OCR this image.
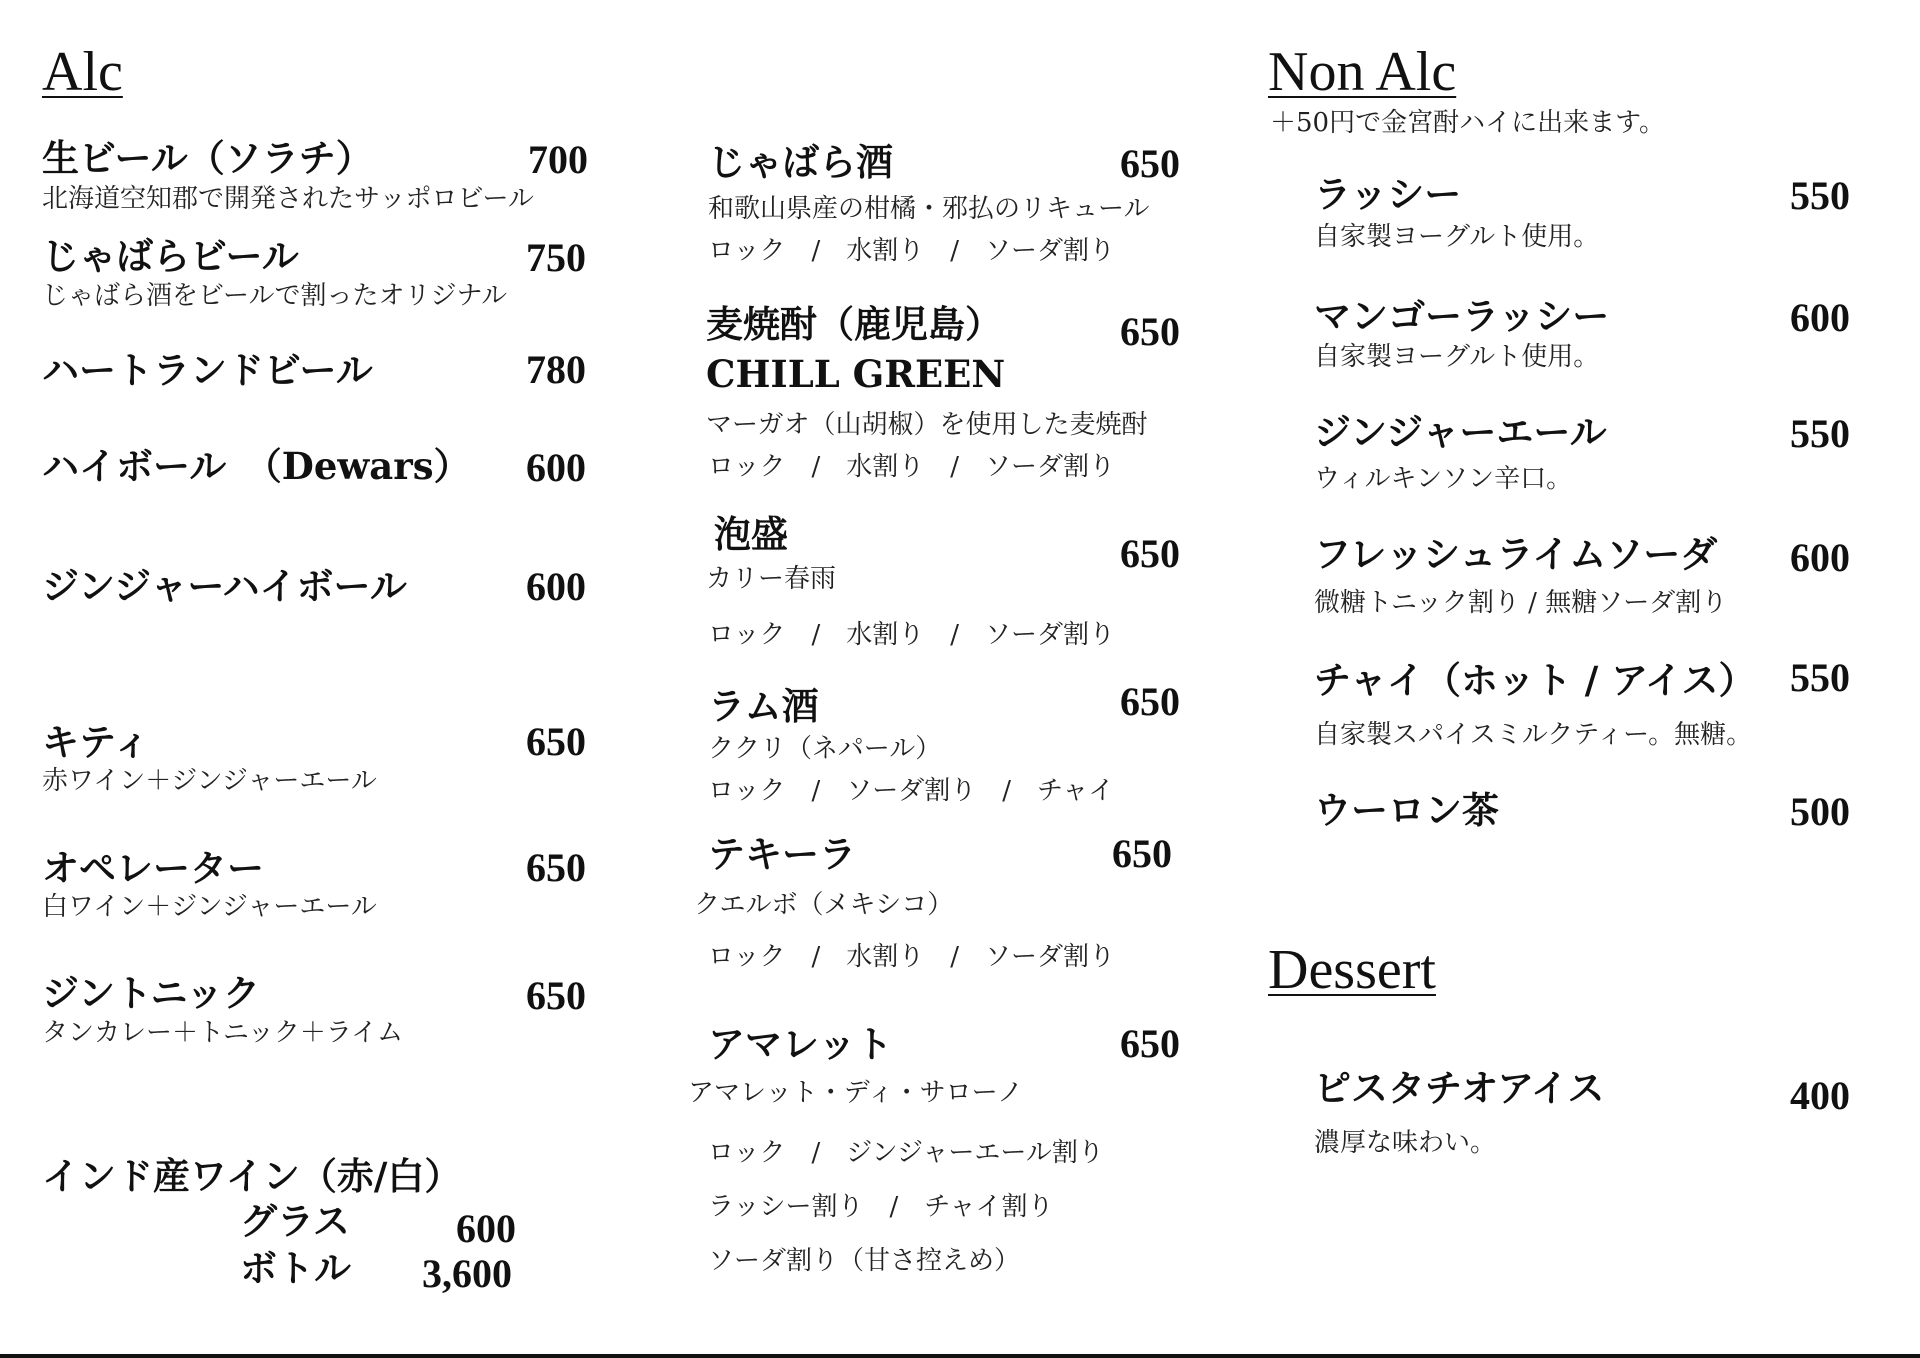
Alc
生ビール（ソラチ）	700
北海道空知郡で開発されたサッポロビール
じゃばらビール	750
じゃばら酒をビールで割ったオリジナル
ハートランドビール	780
ハイボール　（Dewars） 600
ジンジャーハイボール	600
キティ	650
赤ワイン＋ジンジャーエール
オペレーター	650
白ワイン＋ジンジャーエール
ジントニック	650
タンカレー＋トニック＋ライム
インド産ワイン（赤/白）
グラス	600
ボトル 3,600
じゃばら酒	650
和歌山県産の柑橘・邪払のリキュール
ロック　/　水割り　/　ソーダ割り
麦焼酎（鹿児島）	650
CHILL GREEN
マーガオ（山胡椒）を使用した麦焼酎
ロック　/　水割り　/　ソーダ割り
泡盛	650
カリー春雨
ロック　/　水割り　/　ソーダ割り
ラム酒	650
ククリ（ネパール）
ロック　/　ソーダ割り　/　チャイ
テキーラ	650
クエルボ（メキシコ）
ロック　/　水割り　/　ソーダ割り
アマレット	650
アマレット・ディ・サローノ
ロック　/　ジンジャーエール割り
ラッシー割り　/　チャイ割り
ソーダ割り（甘さ控えめ）
Non Alc
＋50円で金宮酎ハイに出来ます。
ラッシー	550
自家製ヨーグルト使用。
マンゴーラッシー	600
自家製ヨーグルト使用。
ジンジャーエール	550
ウィルキンソン辛口。
フレッシュライムソーダ 600
微糖トニック割り / 無糖ソーダ割り
チャイ（ホット / アイス） 550
自家製スパイスミルクティー。無糖。
ウーロン茶	500
Dessert
ピスタチオアイス	400
濃厚な味わい。
